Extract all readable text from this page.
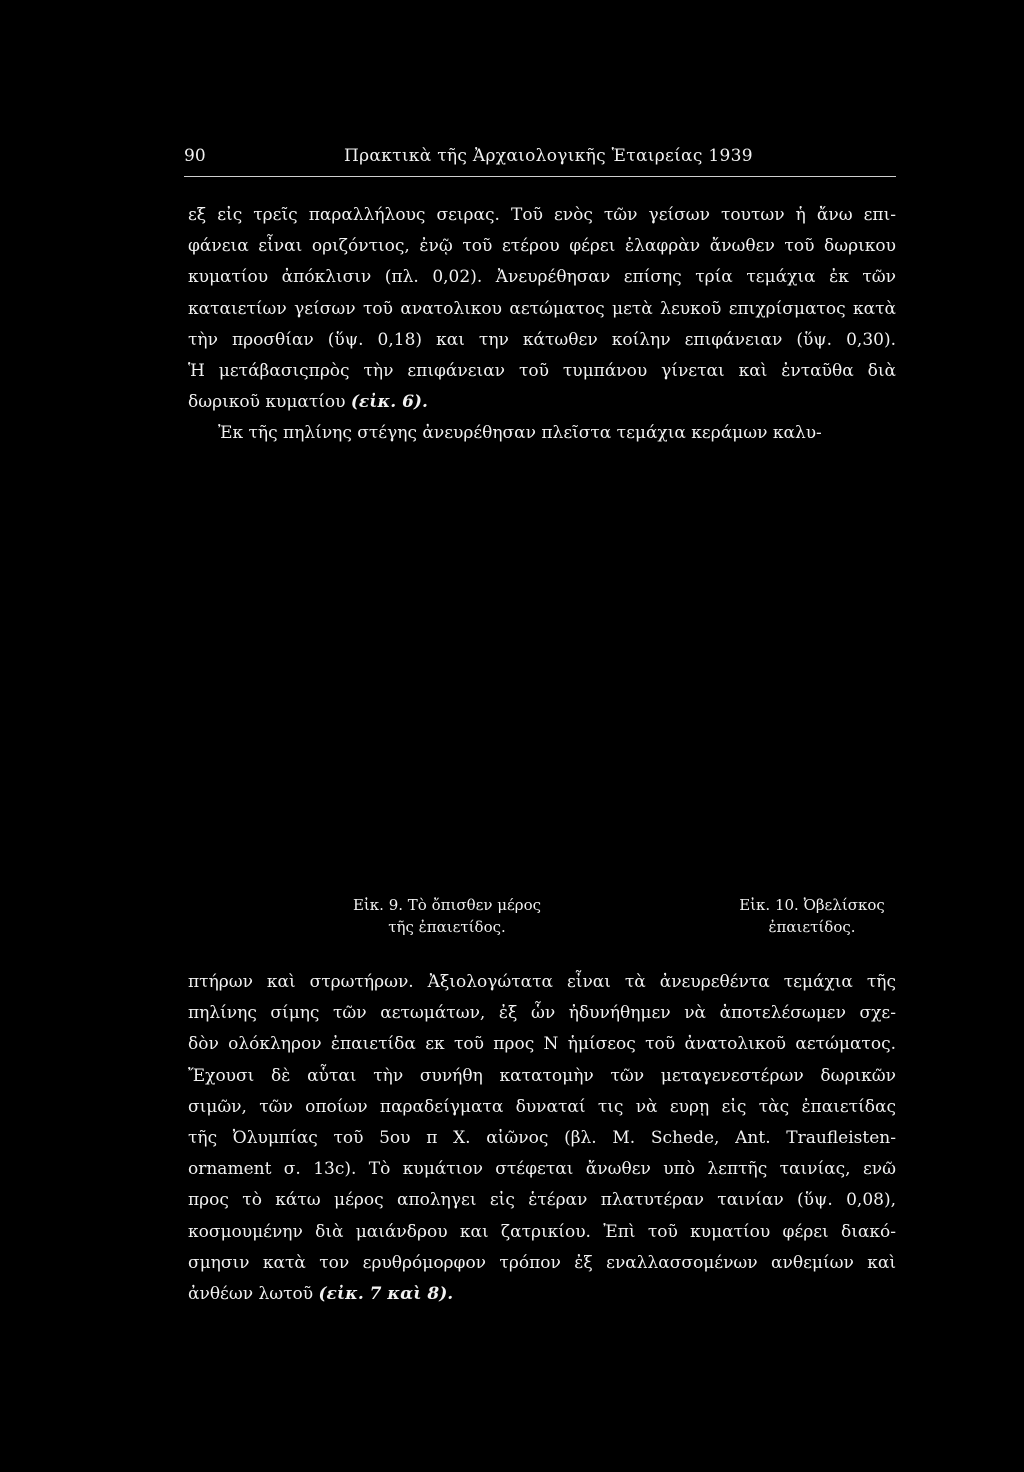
90	Πρακτικὰ τῆς Ἀρχαιολογικῆς Ἑταιρείας 1939
εξ εἰς τρεῖς παραλλήλους σειρας. Τοῦ ενὸς τῶν γείσων τουτων ἡ ἄνω επι-
φάνεια εἶναι οριζόντιος, ἐνῷ τοῦ ετέρου φέρει ἐλαφρὰν ἄνωθεν τοῦ δωρικου
κυματίου ἀπόκλισιν (πλ. 0,02). Ἀνευρέθησαν επίσης τρία τεμάχια ἐκ τῶν
καταιετίων γείσων τοῦ ανατολικου αετώματος μετὰ λευκοῦ επιχρίσματος κατὰ
τὴν προσθίαν (ὕψ. 0,18) και την κάτωθεν κοίλην επιφάνειαν (ὕψ. 0,30).
Ἡ μετάβασιςπρὸς τὴν επιφάνειαν τοῦ τυμπάνου γίνεται καὶ ἐνταῦθα διὰ
δωρικοῦ κυματίου (εἰκ. 6).
Ἐκ τῆς πηλίνης στέγης ἀνευρέθησαν πλεῖστα τεμάχια κεράμων καλυ-
Εἰκ. 9. Τὸ ὄπισθεν μέρος
τῆς ἐπαιετίδος.
Εἰκ. 10. Ὀβελίσκος
ἐπαιετίδος.
πτήρων καὶ στρωτήρων. Ἀξιολογώτατα εἶναι τὰ ἀνευρεθέντα τεμάχια τῆς
πηλίνης σίμης τῶν αετωμάτων, ἐξ ὧν ἠδυνήθημεν νὰ ἀποτελέσωμεν σχε-
δὸν ολόκληρον ἐπαιετίδα εκ τοῦ προς Ν ἡμίσεος τοῦ ἀνατολικοῦ αετώματος.
Ἔχουσι δὲ αὗται τὴν συνήθη κατατομὴν τῶν μεταγενεστέρων δωρικῶν
σιμῶν, τῶν οποίων παραδείγματα δυναταί τις νὰ ευρῃ εἰς τὰς ἐπαιετίδας
τῆς Ὀλυμπίας τοῦ 5ου π Χ. αἰῶνος (βλ. Μ. Schede, Ant. Traufleisten-
ornament σ. 13c). Τὸ κυμάτιον στέφεται ἄνωθεν υπὸ λεπτῆς ταινίας, ενῶ
προς τὸ κάτω μέρος αποληγει εἰς ἑτέραν πλατυτέραν ταινίαν (ὕψ. 0,08),
κοσμουμένην διὰ μαιάνδρου και ζατρικίου. Ἐπὶ τοῦ κυματίου φέρει διακό-
σμησιν κατὰ τον ερυθρόμορφον τρόπον ἐξ εναλλασσομένων ανθεμίων καὶ
ἀνθέων λωτοῦ (εἰκ. 7 καὶ 8).
